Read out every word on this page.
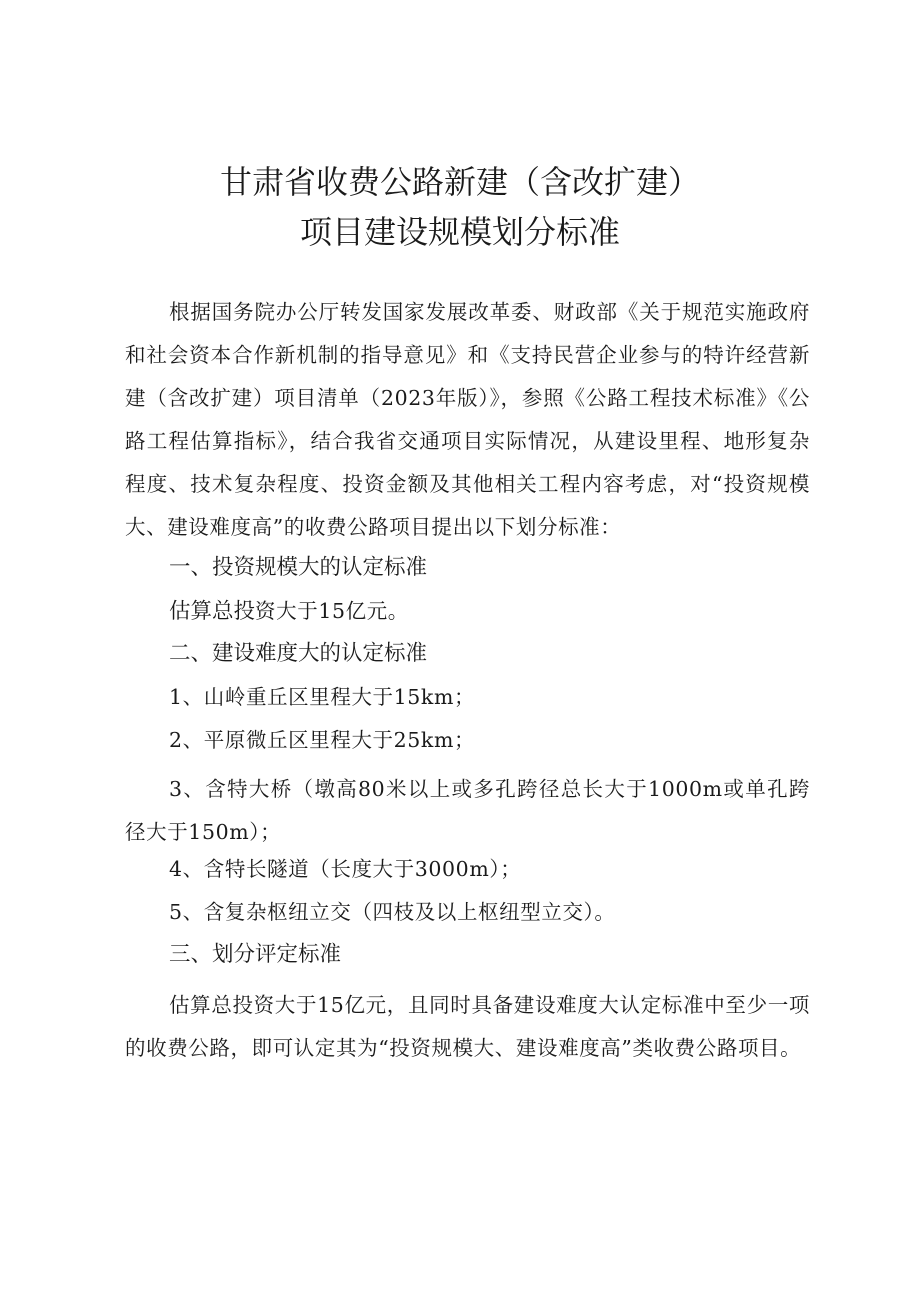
甘肃省收费公路新建（含改扩建）
项目建设规模划分标准
根据国务院办公厅转发国家发展改革委、财政部《关于规范实施政府和社会资本合作新机制的指导意见》和《支持民营企业参与的特许经营新建（含改扩建）项目清单（2023年版）》，参照《公路工程技术标准》《公路工程估算指标》，结合我省交通项目实际情况，从建设里程、地形复杂程度、技术复杂程度、投资金额及其他相关工程内容考虑，对“投资规模大、建设难度高”的收费公路项目提出以下划分标准：
一、投资规模大的认定标准
估算总投资大于15亿元。
二、建设难度大的认定标准
1、山岭重丘区里程大于15km；
2、平原微丘区里程大于25km；
3、含特大桥（墩高80米以上或多孔跨径总长大于1000m或单孔跨径大于150m）；
4、含特长隧道（长度大于3000m）；
5、含复杂枢纽立交（四枝及以上枢纽型立交）。
三、划分评定标准
估算总投资大于15亿元，且同时具备建设难度大认定标准中至少一项的收费公路，即可认定其为“投资规模大、建设难度高”类收费公路项目。
